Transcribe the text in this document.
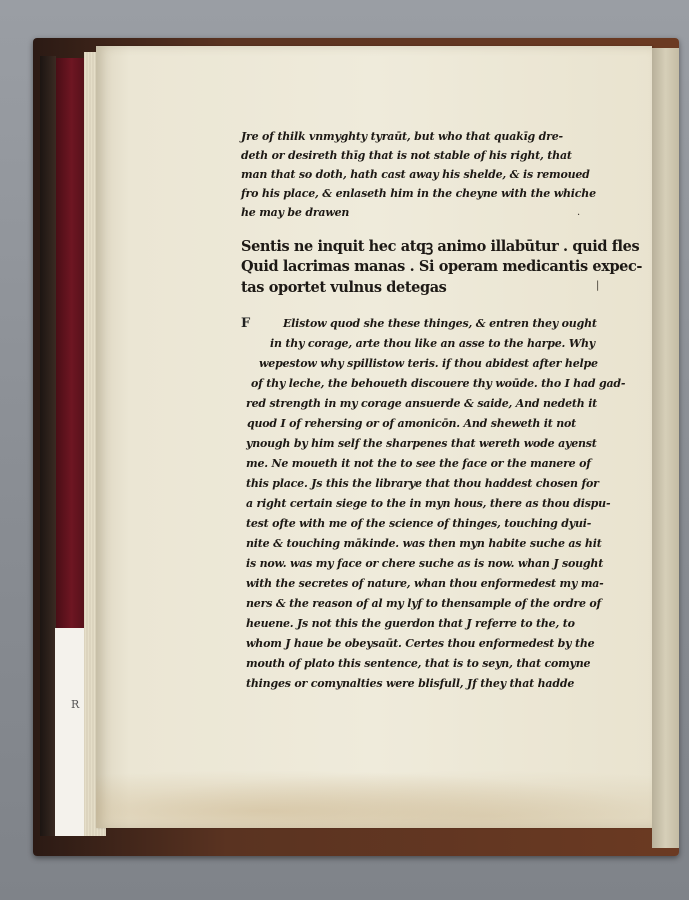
R
Jre of thilk vnmyghty tyraūt, but who that quakīg dre-
deth or desireth thīg that is not stable of his right, that
man that so doth, hath cast away his shelde, & is remoued
fro his place, & enlaseth him in the cheyne with the whiche
he may be drawen
Sentis ne inquit hec atqꝫ animo illabūtur . quid fles
Quid lacrimas manas . Si operam medicantis expec-
tas oportet vulnus detegas
Elistow quod she these thinges, & entren they ought
in thy corage, arte thou like an asse to the harpe. Why
wepestow why spillistow teris. if thou abidest after helpe
of thy leche, the behoueth discouere thy woūde. tho I had gad-
red strength in my corage ansuerde & saide, And nedeth it
quod I of rehersing or of amonicōn. And sheweth it not
ynough by him self the sharpenes that wereth wode ayenst
me. Ne moueth it not the to see the face or the manere of
this place. Js this the librarye that thou haddest chosen for
a right certain siege to the in myn hous, there as thou dispu-
test ofte with me of the science of thinges, touching dyui-
nite & touching mākinde. was then myn habite suche as hit
is now. was my face or chere suche as is now. whan J sought
with the secretes of nature, whan thou enformedest my ma-
ners & the reason of al my lyf to thensample of the ordre of
heuene. Js not this the guerdon that J referre to the, to
whom J haue be obeysaūt. Certes thou enformedest by the
mouth of plato this sentence, that is to seyn, that comyne
thinges or comynalties were blisfull, Jf they that hadde
F
·
|
